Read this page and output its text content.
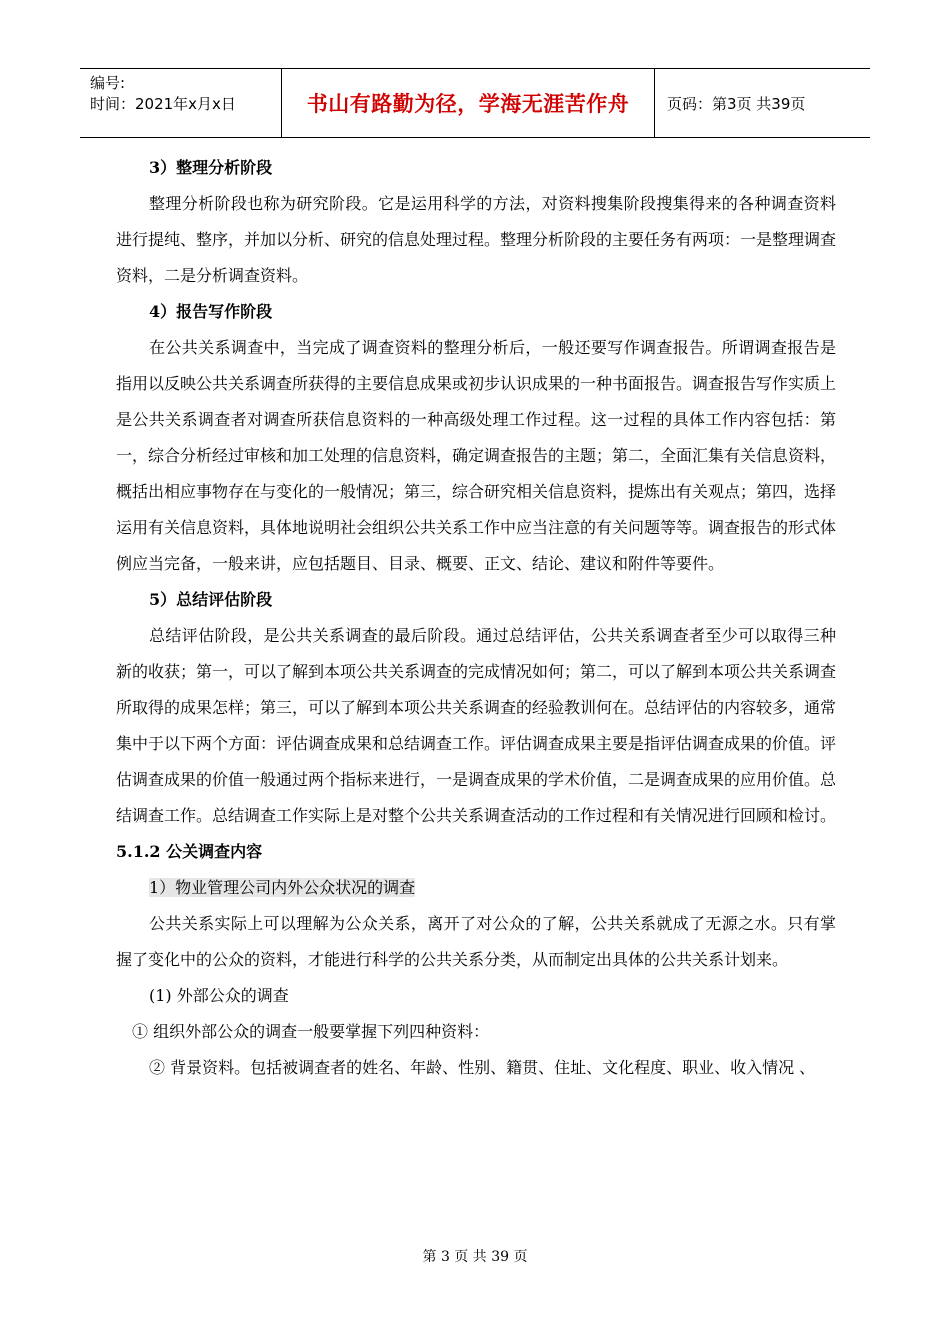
编号:
时间：2021年x月x日	书山有路勤为径，学海无涯苦作舟	页码：第3页 共39页

3）整理分析阶段

整理分析阶段也称为研究阶段。它是运用科学的方法，对资料搜集阶段搜集得来的各种调查资料进行提纯、整序，并加以分析、研究的信息处理过程。整理分析阶段的主要任务有两项：一是整理调查资料，二是分析调查资料。

4）报告写作阶段

在公共关系调查中，当完成了调查资料的整理分析后，一般还要写作调查报告。所谓调查报告是指用以反映公共关系调查所获得的主要信息成果或初步认识成果的一种书面报告。调查报告写作实质上是公共关系调查者对调查所获信息资料的一种高级处理工作过程。这一过程的具体工作内容包括：第一，综合分析经过审核和加工处理的信息资料，确定调查报告的主题；第二，全面汇集有关信息资料，概括出相应事物存在与变化的一般情况；第三，综合研究相关信息资料，提炼出有关观点；第四，选择运用有关信息资料，具体地说明社会组织公共关系工作中应当注意的有关问题等等。调查报告的形式体例应当完备，一般来讲，应包括题目、目录、概要、正文、结论、建议和附件等要件。

5）总结评估阶段

总结评估阶段，是公共关系调查的最后阶段。通过总结评估，公共关系调查者至少可以取得三种新的收获；第一，可以了解到本项公共关系调查的完成情况如何；第二，可以了解到本项公共关系调查所取得的成果怎样；第三，可以了解到本项公共关系调查的经验教训何在。总结评估的内容较多，通常集中于以下两个方面：评估调查成果和总结调查工作。评估调查成果主要是指评估调查成果的价值。评估调查成果的价值一般通过两个指标来进行，一是调查成果的学术价值，二是调查成果的应用价值。总结调查工作。总结调查工作实际上是对整个公共关系调查活动的工作过程和有关情况进行回顾和检讨。

5.1.2 公关调查内容

1）物业管理公司内外公众状况的调查

公共关系实际上可以理解为公众关系，离开了对公众的了解，公共关系就成了无源之水。只有掌握了变化中的公众的资料，才能进行科学的公共关系分类，从而制定出具体的公共关系计划来。

(1) 外部公众的调查

① 组织外部公众的调查一般要掌握下列四种资料：

② 背景资料。包括被调查者的姓名、年龄、性别、籍贯、住址、文化程度、职业、收入情况 、

第 3 页 共 39 页
